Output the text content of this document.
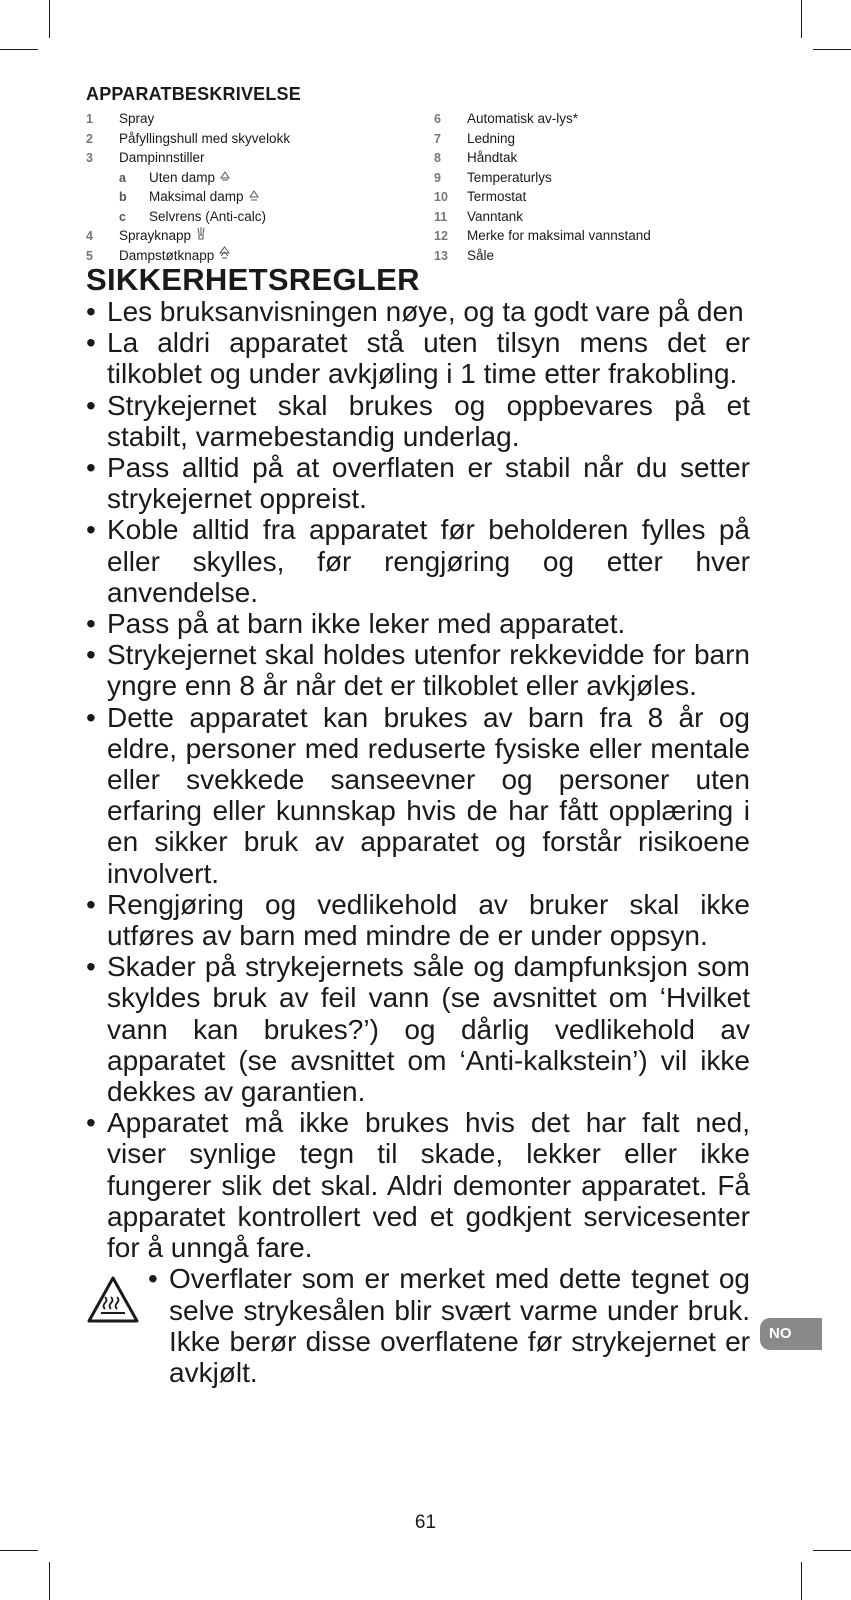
APPARATBESKRIVELSE
1	Spray
2	Påfyllingshull med skyvelokk
3	Dampinnstiller
a	Uten damp
b	Maksimal damp
c	Selvrens (Anti-calc)
4	Sprayknapp
5	Dampstøtknapp
6	Automatisk av-lys*
7	Ledning
8	Håndtak
9	Temperaturlys
10	Termostat
11	Vanntank
12	Merke for maksimal vannstand
13	Såle
SIKKERHETSREGLER
• Les bruksanvisningen nøye, og ta godt vare på den
• La aldri apparatet stå uten tilsyn mens det er tilkoblet og under avkjøling i 1 time etter frakobling.
• Strykejernet skal brukes og oppbevares på et stabilt, varmebestandig underlag.
• Pass alltid på at overflaten er stabil når du setter strykejernet oppreist.
• Koble alltid fra apparatet før beholderen fylles på eller skylles, før rengjøring og etter hver anvendelse.
• Pass på at barn ikke leker med apparatet.
• Strykejernet skal holdes utenfor rekkevidde for barn yngre enn 8 år når det er tilkoblet eller avkjøles.
• Dette apparatet kan brukes av barn fra 8 år og eldre, personer med reduserte fysiske eller mentale eller svekkede sanseevner og personer uten erfaring eller kunnskap hvis de har fått opplæring i en sikker bruk av apparatet og forstår risikoene involvert.
• Rengjøring og vedlikehold av bruker skal ikke utføres av barn med mindre de er under oppsyn.
• Skader på strykejernets såle og dampfunksjon som skyldes bruk av feil vann (se avsnittet om ‘Hvilket vann kan brukes?’) og dårlig vedlikehold av apparatet (se avsnittet om ‘Anti-kalkstein’) vil ikke dekkes av garantien.
• Apparatet må ikke brukes hvis det har falt ned, viser synlige tegn til skade, lekker eller ikke fungerer slik det skal. Aldri demonter apparatet. Få apparatet kontrollert ved et godkjent servicesenter for å unngå fare.
• Overflater som er merket med dette tegnet og selve strykesålen blir svært varme under bruk. Ikke berør disse overflatene før strykejernet er avkjølt.
NO
61
